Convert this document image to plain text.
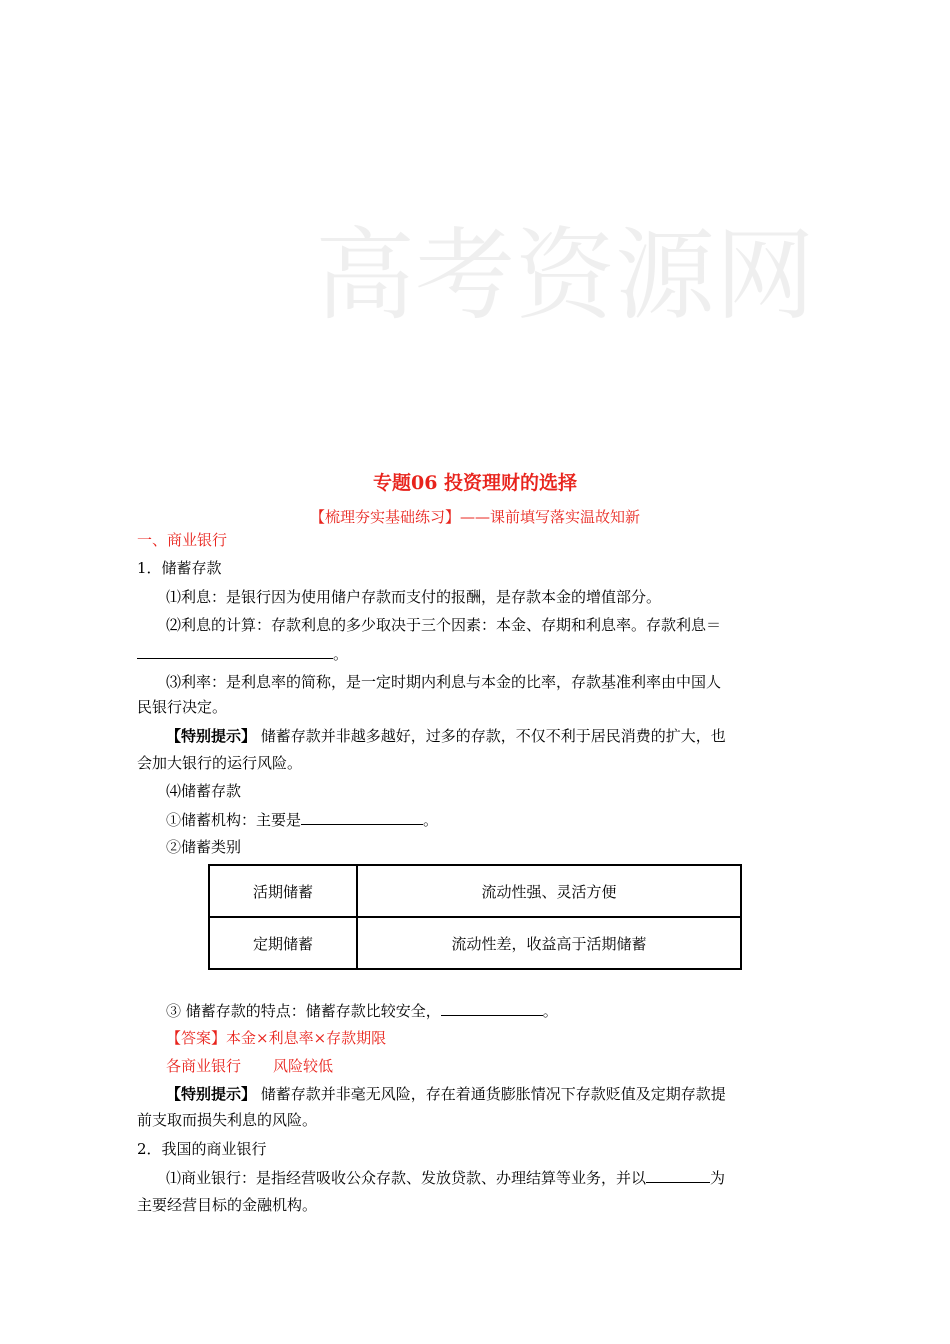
高考资源网
专题06 投资理财的选择
【梳理夯实基础练习】——课前填写落实温故知新
一、商业银行
1．储蓄存款
⑴利息：是银行因为使用储户存款而支付的报酬，是存款本金的增值部分。
⑵利息的计算：存款利息的多少取决于三个因素：本金、存期和利息率。存款利息＝
。
⑶利率：是利息率的简称，是一定时期内利息与本金的比率，存款基准利率由中国人
民银行决定。
【特别提示】 储蓄存款并非越多越好，过多的存款，不仅不利于居民消费的扩大，也
会加大银行的运行风险。
⑷储蓄存款
①储蓄机构：主要是	。
②储蓄类别
活期储蓄	流动性强、灵活方便
定期储蓄	流动性差，收益高于活期储蓄
③ 储蓄存款的特点：储蓄存款比较安全，	。
【答案】本金×利息率×存款期限
各商业银行 风险较低
【特别提示】 储蓄存款并非毫无风险，存在着通货膨胀情况下存款贬值及定期存款提
前支取而损失利息的风险。
2．我国的商业银行
⑴商业银行：是指经营吸收公众存款、发放贷款、办理结算等业务，并以	为
主要经营目标的金融机构。
